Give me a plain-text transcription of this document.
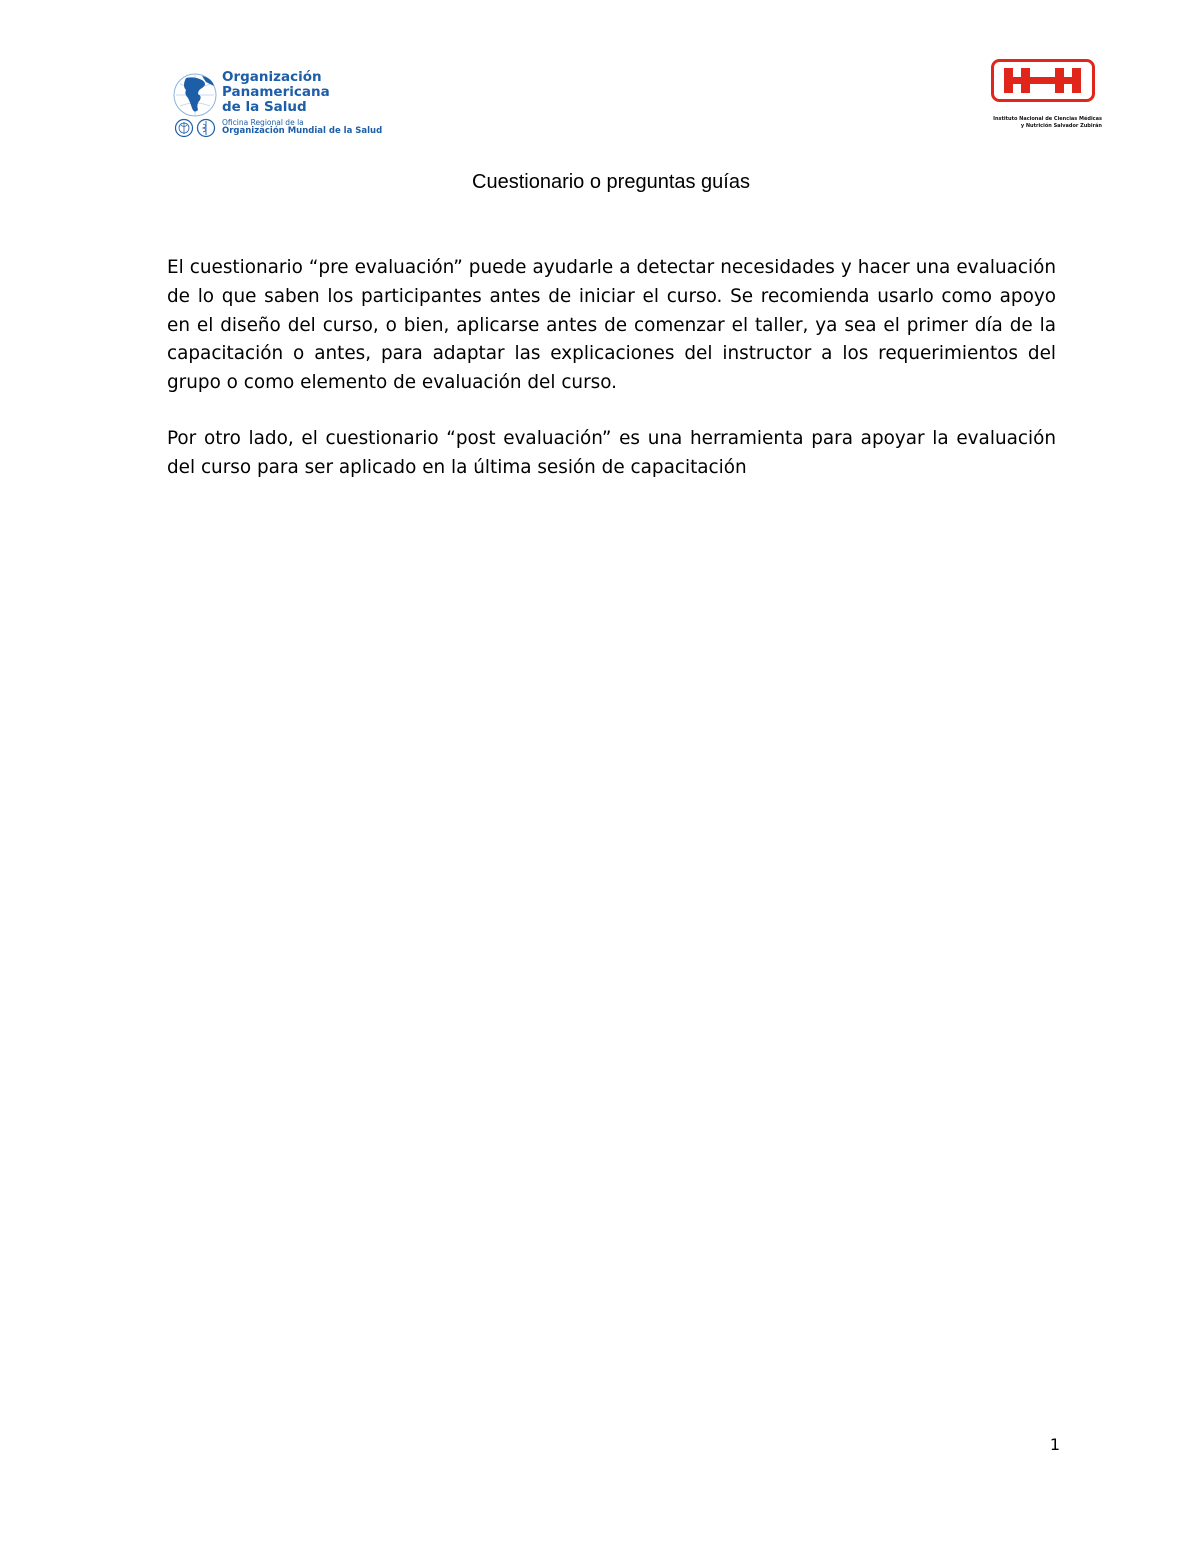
Organización
Panamericana
de la Salud
Oficina Regional de la
Organización Mundial de la Salud
Instituto Nacional de Ciencias Médicas
y Nutrición Salvador Zubirán
Cuestionario o preguntas guías

El cuestionario “pre evaluación” puede ayudarle a detectar necesidades y hacer una evaluación de lo que saben los participantes antes de iniciar el curso. Se recomienda usarlo como apoyo en el diseño del curso, o bien, aplicarse antes de comenzar el taller, ya sea el primer día de la capacitación o antes, para adaptar las explicaciones del instructor a los requerimientos del grupo o como elemento de evaluación del curso.

Por otro lado, el cuestionario “post evaluación” es una herramienta para apoyar la evaluación del curso para ser aplicado en la última sesión de capacitación

1
